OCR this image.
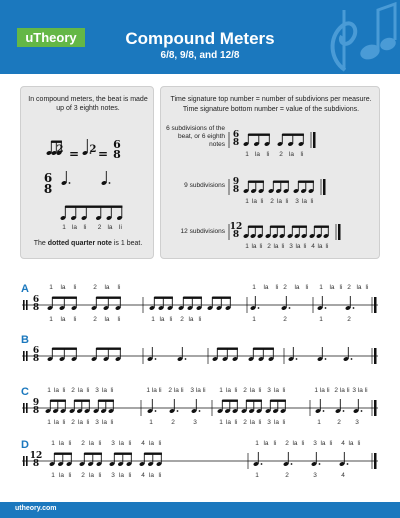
uTheory	Compound Meters
6/8, 9/8, and 12/8
In compound meters, the beat is made up of 3 eighth notes.
The dotted quarter note is 1 beat.
Time signature top number = number of subdivions per measure.
Time signature bottom number = value of the subdivions.
6 subdivisions of the beat, or 6 eighth notes
9 subdivisions
12 subdivisions
2 = 2 =
6
8
6
8
1 la li 2 la li
6
8
1 la li 2 la li
9
8
1 la li 2 la li 3 la li
12
8
1 la li 2 la li 3 la li 4 la li
A
6
8
B
6
8
C
9
8
D
12
8
1 la li	2 la li
1 la li	2 la li	1 la li 2 la li
1 la li 2 la li 1 la li 2 la li
1	2	1	2
1 la li 2 la li 3 la li
1 la li 2 la li 3 la li
1 la li
1
2 la li
2
3 la li
3
1 la li 2 la li 3 la li
1 la li 2 la li 3 la li
1 la li
1
2 la li
2
3 la li
3
1 la li 2 la li 3 la li 4 la li
1 la li 2 la li 3 la li 4 la li
1 la li 2 la li 3 la li 4 la li
1	2	3	4
utheory.com
